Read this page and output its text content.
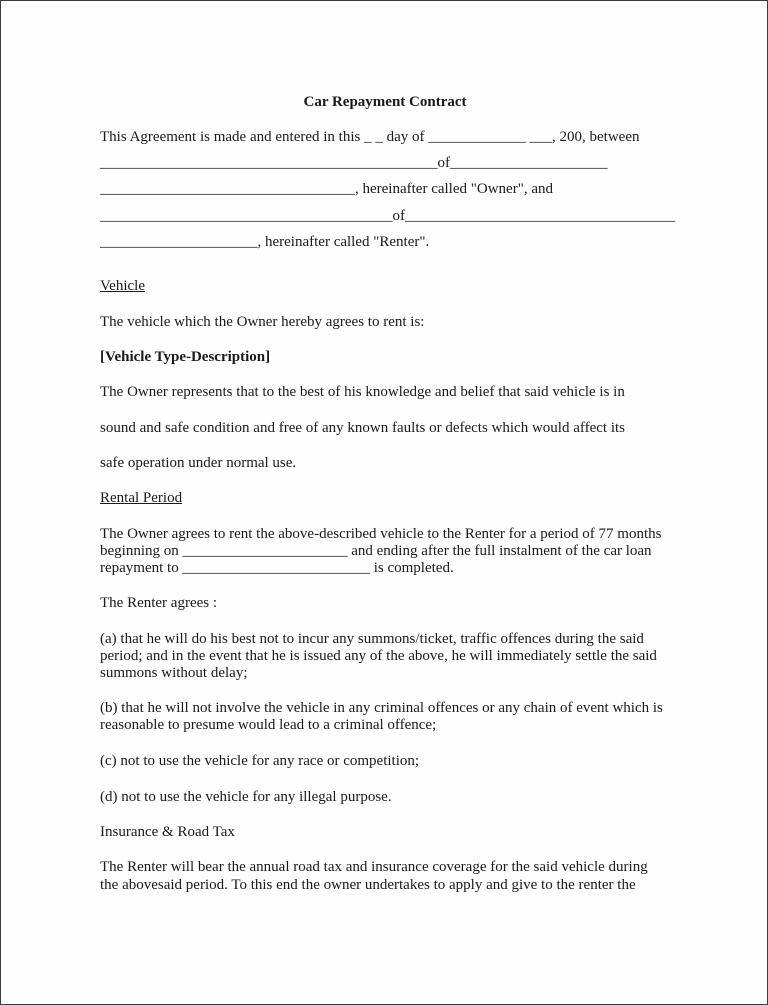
Car Repayment Contract
This Agreement is made and entered in this _ _ day of _____________ ___, 200, between
_____________________________________________of_____________________
__________________________________, hereinafter called "Owner", and
_______________________________________of____________________________________
_____________________, hereinafter called "Renter".
Vehicle
The vehicle which the Owner hereby agrees to rent is:
[Vehicle Type-Description]
The Owner represents that to the best of his knowledge and belief that said vehicle is in
sound and safe condition and free of any known faults or defects which would affect its
safe operation under normal use.
Rental Period
The Owner agrees to rent the above-described vehicle to the Renter for a period of 77 months
beginning on ______________________ and ending after the full instalment of the car loan
repayment to _________________________ is completed.
The Renter agrees :
(a) that he will do his best not to incur any summons/ticket, traffic offences during the said
period; and in the event that he is issued any of the above, he will immediately settle the said
summons without delay;
(b) that he will not involve the vehicle in any criminal offences or any chain of event which is
reasonable to presume would lead to a criminal offence;
(c) not to use the vehicle for any race or competition;
(d) not to use the vehicle for any illegal purpose.
Insurance & Road Tax
The Renter will bear the annual road tax and insurance coverage for the said vehicle during
the abovesaid period. To this end the owner undertakes to apply and give to the renter the
